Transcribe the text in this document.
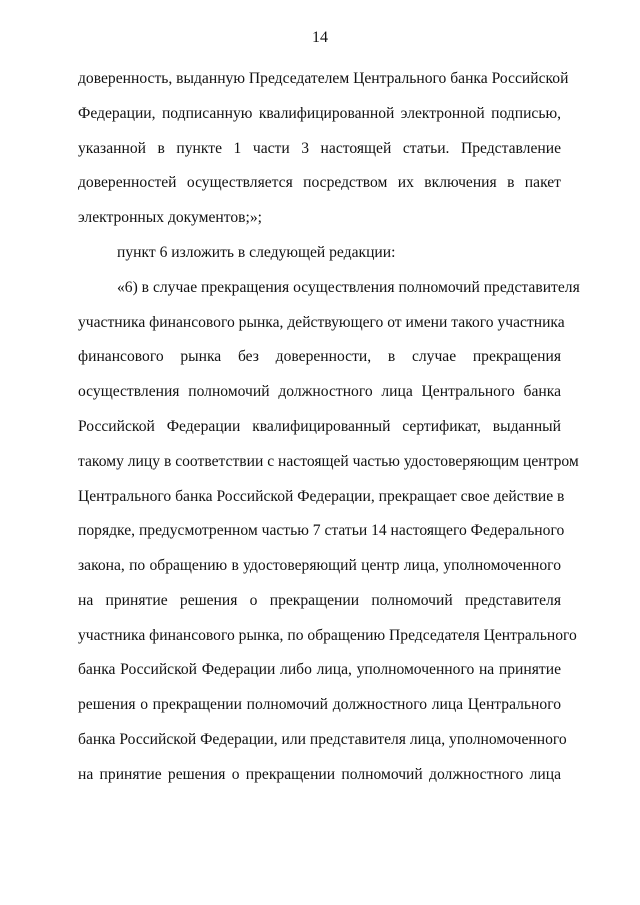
14
доверенность, выданную Председателем Центрального банка Российской
Федерации, подписанную квалифицированной электронной подписью,
указанной в пункте 1 части 3 настоящей статьи. Представление
доверенностей осуществляется посредством их включения в пакет
электронных документов;»;
пункт 6 изложить в следующей редакции:
«6) в случае прекращения осуществления полномочий представителя
участника финансового рынка, действующего от имени такого участника
финансового рынка без доверенности, в случае прекращения
осуществления полномочий должностного лица Центрального банка
Российской Федерации квалифицированный сертификат, выданный
такому лицу в соответствии с настоящей частью удостоверяющим центром
Центрального банка Российской Федерации, прекращает свое действие в
порядке, предусмотренном частью 7 статьи 14 настоящего Федерального
закона, по обращению в удостоверяющий центр лица, уполномоченного
на принятие решения о прекращении полномочий представителя
участника финансового рынка, по обращению Председателя Центрального
банка Российской Федерации либо лица, уполномоченного на принятие
решения о прекращении полномочий должностного лица Центрального
банка Российской Федерации, или представителя лица, уполномоченного
на принятие решения о прекращении полномочий должностного лица
